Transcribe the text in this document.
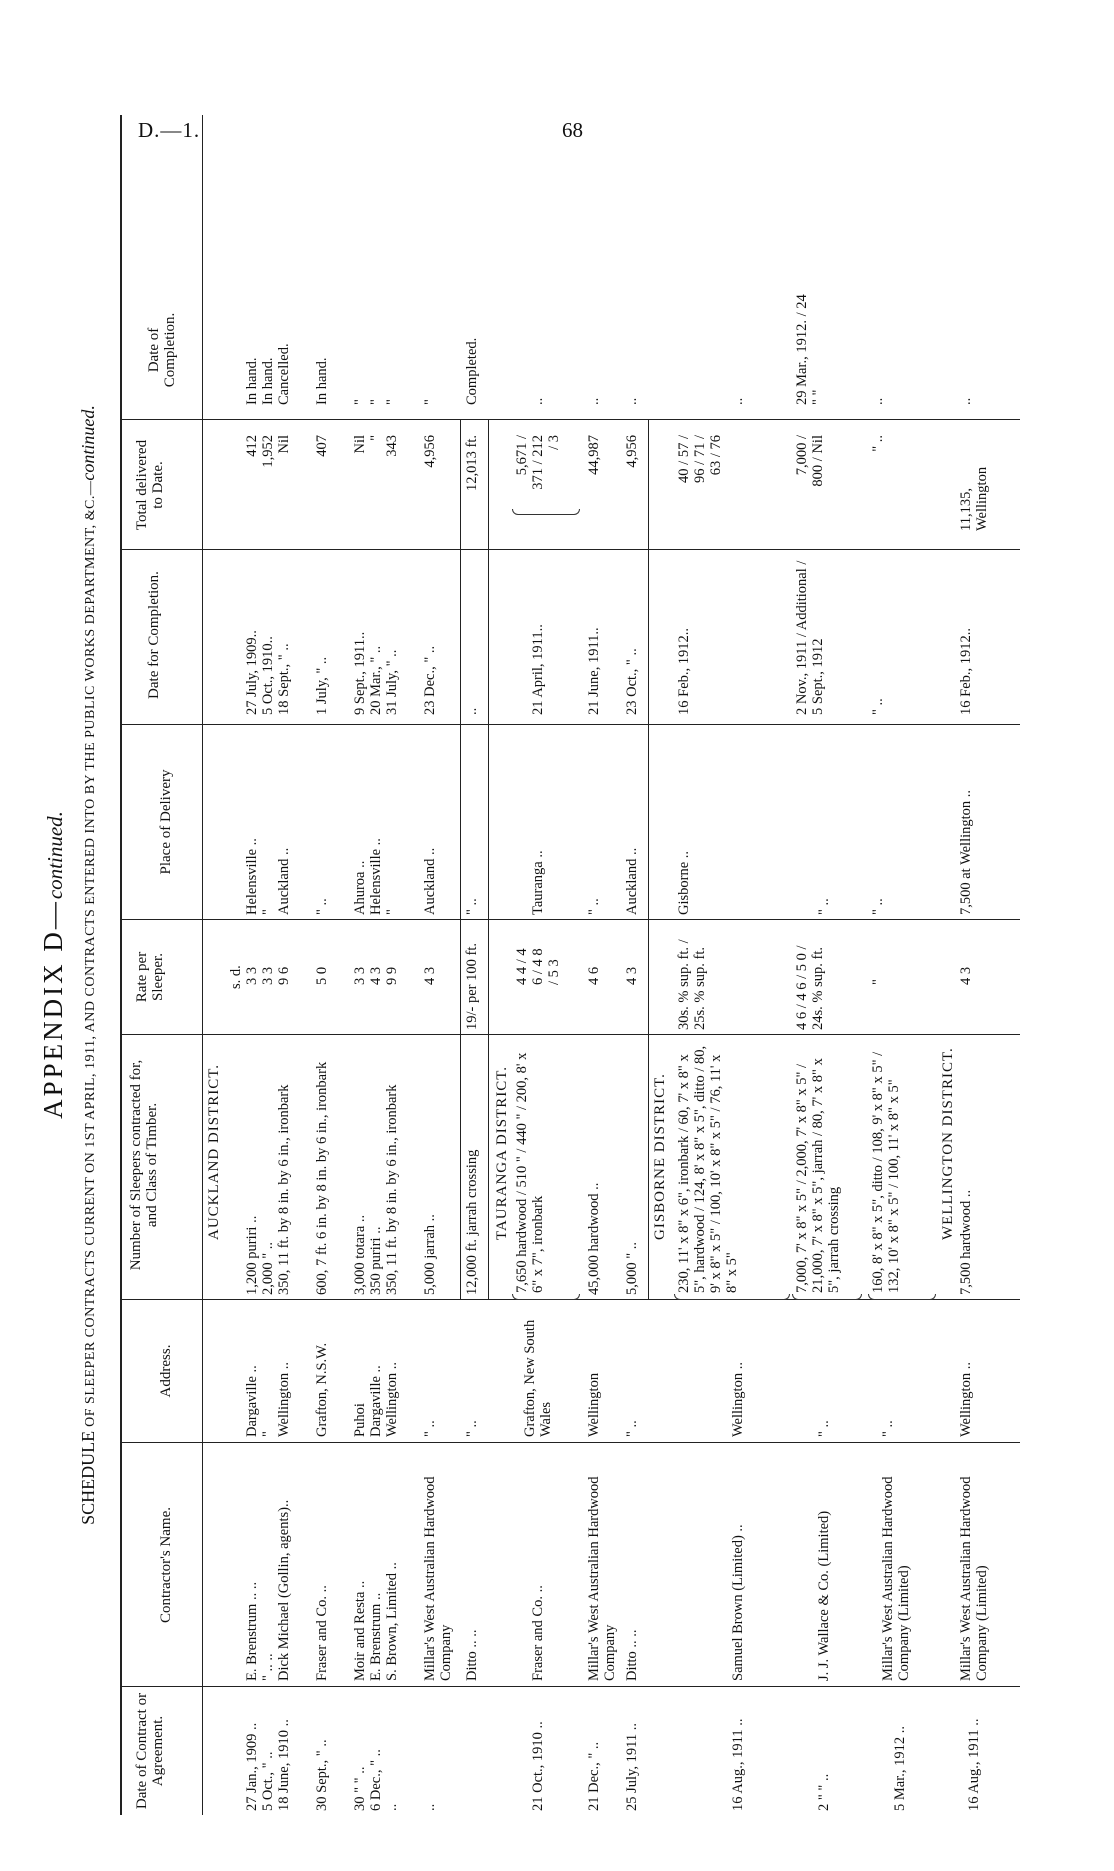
D.—1.	68
APPENDIX D—continued.
SCHEDULE OF SLEEPER CONTRACTS CURRENT ON 1ST APRIL, 1911, AND CONTRACTS ENTERED INTO BY THE PUBLIC WORKS DEPARTMENT, &C.—continued.
Date of Contract or Agreement.
Contractor's Name.
Address.
Number of Sleepers contracted for, and Class of Timber.
Rate per Sleeper.
Place of Delivery
Date for Completion.
Total delivered to Date.
Date of Completion.
AUCKLAND DISTRICT.
s. d.
27 Jan., 1909 ..
E. Brenstrum .. ..
Dargaville ..
1,200 puriri ..
3 3
Helensville ..
27 July, 1909..
412
In hand.
5 Oct., " ..
" .. ..
"
2,000 " ..
3 3
"
5 Oct., 1910..
1,952
In hand.
18 June, 1910 ..
Dick Michael (Gollin, agents)..
Wellington ..
350, 11 ft. by 8 in. by 6 in., ironbark
9 6
Auckland ..
18 Sept., " ..
Nil
Cancelled.
30 Sept., " ..
Fraser and Co. ..
Grafton, N.S.W.
600, 7 ft. 6 in. by 8 in. by 6 in., ironbark
5 0
" ..
1 July, " ..
407
In hand.
30 " " ..
Moir and Resta ..
Puhoi
3,000 totara ..
3 3
Ahuroa ..
9 Sept., 1911..
Nil
"
6 Dec., " ..
E. Brenstrum ..
Dargaville ..
350 puriri ..
4 3
Helensville ..
20 Mar., " ..
"
"
..
S. Brown, Limited ..
Wellington ..
350, 11 ft. by 8 in. by 6 in., ironbark
9 9
"
31 July, " ..
343
"
..
Millar's West Australian Hardwood Company
" ..
5,000 jarrah ..
4 3
Auckland ..
23 Dec., " ..
4,956
"
Ditto .. ..
" ..
12,000 ft. jarrah crossing
19/- per 100 ft.
" ..
..
12,013 ft.
Completed.
TAURANGA DISTRICT.
21 Oct., 1910 ..
Fraser and Co. ..
Grafton, New South Wales
7,650 hardwood / 510 " / 440 " / 200, 8' x 6" x 7", ironbark
4 4 / 4 6 / 4 8 / 5 3
Tauranga ..
21 April, 1911..
5,671 / 371 / 212 / 3
..
21 Dec., " ..
Millar's West Australian Hardwood Company
Wellington
45,000 hardwood ..
4 6
" ..
21 June, 1911..
44,987
..
25 July, 1911 ..
Ditto .. ..
" ..
5,000 " ..
4 3
Auckland ..
23 Oct., " ..
4,956
..
GISBORNE DISTRICT.
16 Aug., 1911 ..
Samuel Brown (Limited) ..
Wellington ..
230, 11' x 8" x 6", ironbark / 60, 7' x 8" x 5", hardwood / 124, 8' x 8" x 5", ditto / 80, 9' x 8" x 5" / 100, 10' x 8" x 5" / 76, 11' x 8" x 5"
30s. % sup. ft. / 25s. % sup. ft.
Gisborne ..
16 Feb., 1912..
40 / 57 / 96 / 71 / 63 / 76
..
2 " " ..
J. J. Wallace & Co. (Limited)
" ..
7,000, 7' x 8" x 5" / 2,000, 7' x 8" x 5" / 21,000, 7' x 8" x 5", jarrah / 80, 7' x 8" x 5", jarrah crossing
4 6 / 4 6 / 5 0 / 24s. % sup. ft.
" ..
2 Nov., 1911 / Additional / 5 Sept., 1912
7,000 / 800 / Nil
29 Mar., 1912. / 24 " "
5 Mar., 1912 ..
Millar's West Australian Hardwood Company (Limited)
" ..
160, 8' x 8" x 5", ditto / 108, 9' x 8" x 5" / 132, 10' x 8" x 5" / 100, 11' x 8" x 5"
"
" ..
" ..
" ..
..
WELLINGTON DISTRICT.
16 Aug., 1911 ..
Millar's West Australian Hardwood Company (Limited)
Wellington ..
7,500 hardwood ..
4 3
7,500 at Wellington ..
16 Feb., 1912..
11,135, Wellington
..
